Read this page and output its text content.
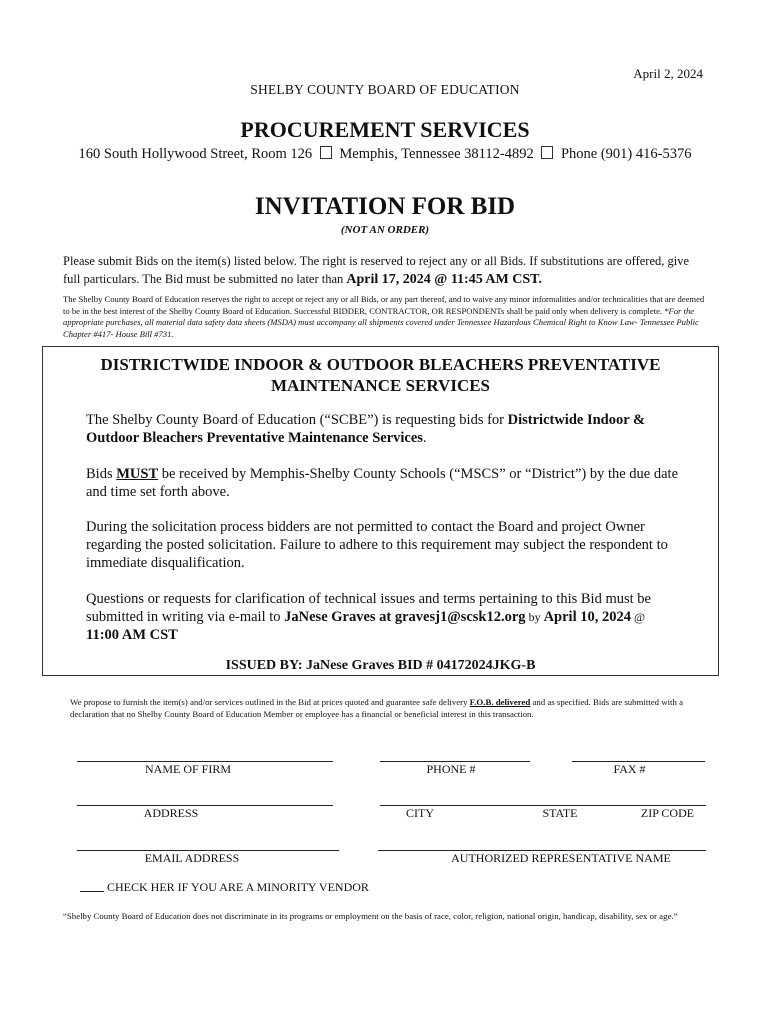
April 2, 2024
SHELBY COUNTY BOARD OF EDUCATION
PROCUREMENT SERVICES
160 South Hollywood Street, Room 126 Memphis, Tennessee 38112-4892 Phone (901) 416-5376
INVITATION FOR BID
(NOT AN ORDER)
Please submit Bids on the item(s) listed below. The right is reserved to reject any or all Bids. If substitutions are offered, give full particulars. The Bid must be submitted no later than April 17, 2024 @ 11:45 AM CST.
The Shelby County Board of Education reserves the right to accept or reject any or all Bids, or any part thereof, and to waive any minor informalities and/or technicalities that are deemed to be in the best interest of the Shelby County Board of Education. Successful BIDDER, CONTRACTOR, OR RESPONDENTs shall be paid only when delivery is complete. *For the appropriate purchases, all material data safety data sheets (MSDA) must accompany all shipments covered under Tennessee Hazardous Chemical Right to Know Law- Tennessee Public Chapter #417- House Bill #731.
DISTRICTWIDE INDOOR & OUTDOOR BLEACHERS PREVENTATIVE MAINTENANCE SERVICES
The Shelby County Board of Education (“SCBE”) is requesting bids for Districtwide Indoor & Outdoor Bleachers Preventative Maintenance Services.
Bids MUST be received by Memphis-Shelby County Schools (“MSCS” or “District”) by the due date and time set forth above.
During the solicitation process bidders are not permitted to contact the Board and project Owner regarding the posted solicitation. Failure to adhere to this requirement may subject the respondent to immediate disqualification.
Questions or requests for clarification of technical issues and terms pertaining to this Bid must be submitted in writing via e-mail to JaNese Graves at gravesj1@scsk12.org by April 10, 2024 @
11:00 AM CST
ISSUED BY: JaNese Graves BID # 04172024JKG-B
We propose to furnish the item(s) and/or services outlined in the Bid at prices quoted and guarantee safe delivery F.O.B. delivered and as specified. Bids are submitted with a declaration that no Shelby County Board of Education Member or employee has a financial or beneficial interest in this transaction.
NAME OF FIRM	PHONE #	FAX #
ADDRESS	CITY	STATE	ZIP CODE
EMAIL ADDRESS	AUTHORIZED REPRESENTATIVE NAME
CHECK HER IF YOU ARE A MINORITY VENDOR
“Shelby County Board of Education does not discriminate in its programs or employment on the basis of race, color, religion, national origin, handicap, disability, sex or age.”
